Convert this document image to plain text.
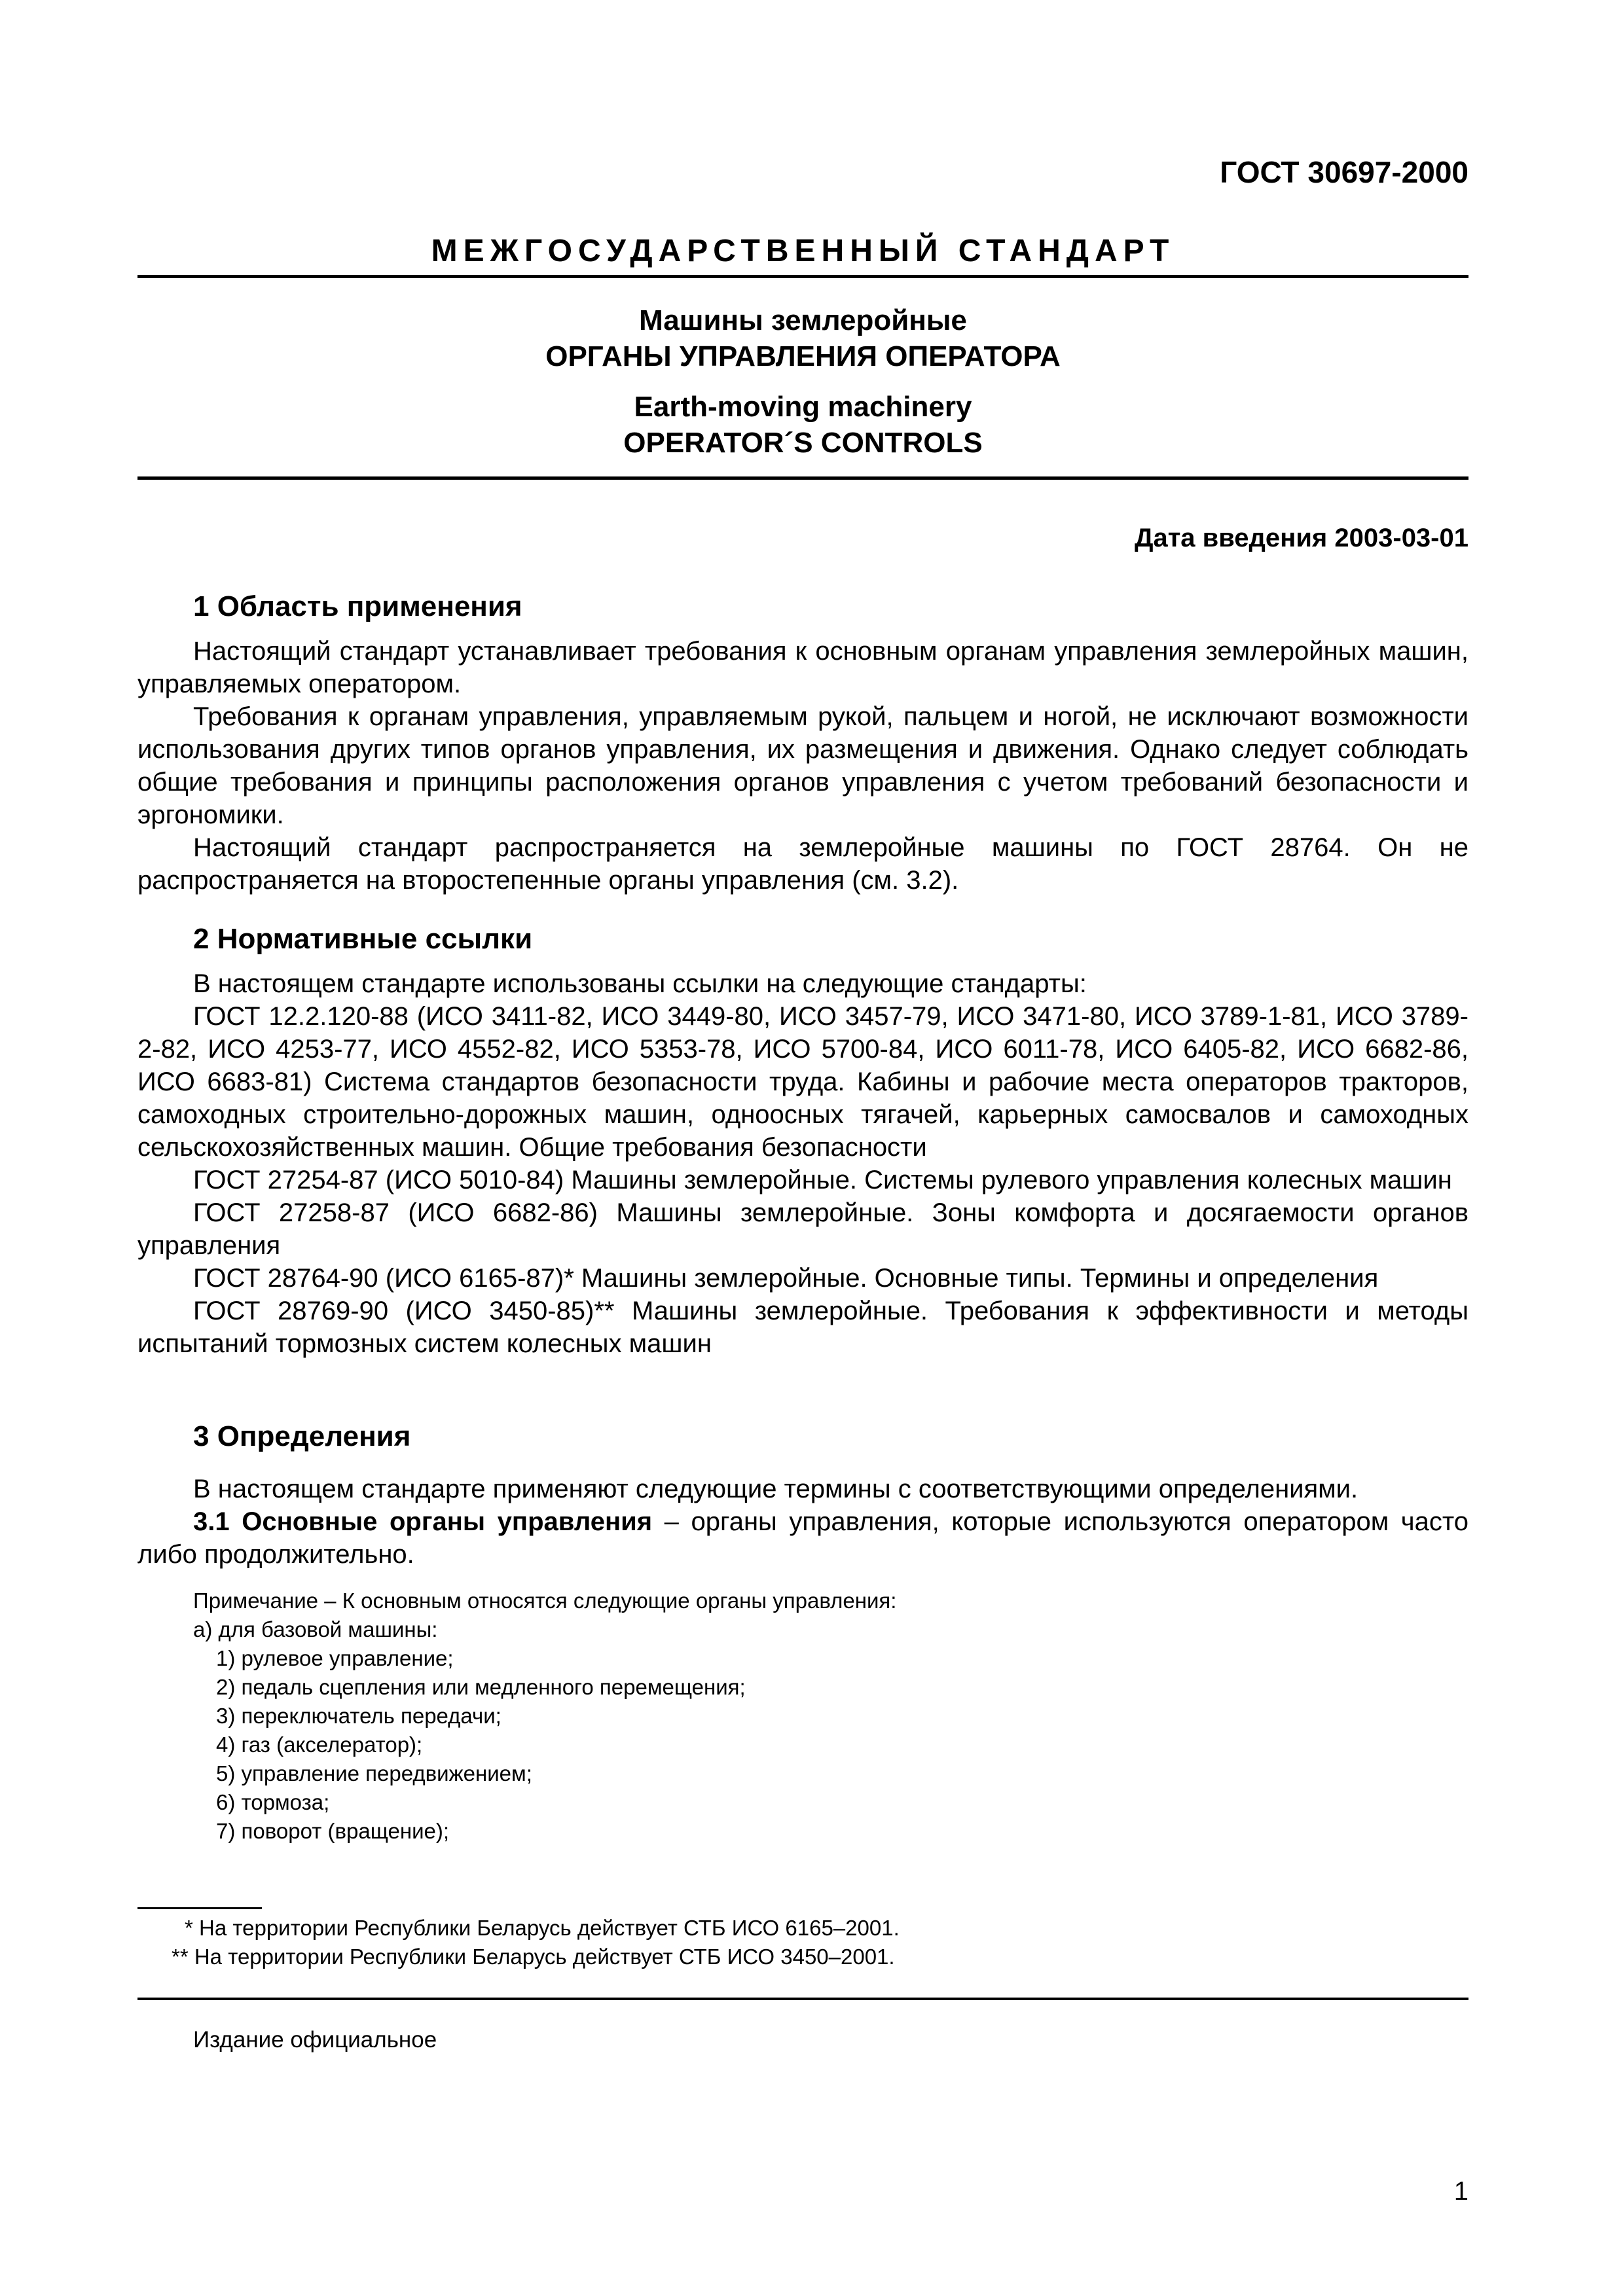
ГОСТ 30697-2000
МЕЖГОСУДАРСТВЕННЫЙ СТАНДАРТ
Машины землеройные
ОРГАНЫ УПРАВЛЕНИЯ ОПЕРАТОРА
Earth-moving machinery
OPERATOR´S CONTROLS
Дата введения 2003-03-01
1 Область применения

Настоящий стандарт устанавливает требования к основным органам управления землеройных машин, управляемых оператором.

Требования к органам управления, управляемым рукой, пальцем и ногой, не исключают возможности использования других типов органов управления, их размещения и движения. Однако следует соблюдать общие требования и принципы расположения органов управления с учетом требований безопасности и эргономики.

Настоящий стандарт распространяется на землеройные машины по ГОСТ 28764. Он не распространяется на второстепенные органы управления (см. 3.2).

2 Нормативные ссылки

В настоящем стандарте использованы ссылки на следующие стандарты:

ГОСТ 12.2.120-88 (ИСО 3411-82, ИСО 3449-80, ИСО 3457-79, ИСО 3471-80, ИСО 3789-1-81, ИСО 3789-2-82, ИСО 4253-77, ИСО 4552-82, ИСО 5353-78, ИСО 5700-84, ИСО 6011-78, ИСО 6405-82, ИСО 6682-86, ИСО 6683-81) Система стандартов безопасности труда. Кабины и рабочие места операторов тракторов, самоходных строительно-дорожных машин, одноосных тягачей, карьерных самосвалов и самоходных сельскохозяйственных машин. Общие требования безопасности

ГОСТ 27254-87 (ИСО 5010-84) Машины землеройные. Системы рулевого управления колесных машин

ГОСТ 27258-87 (ИСО 6682-86) Машины землеройные. Зоны комфорта и досягаемости органов управления

ГОСТ 28764-90 (ИСО 6165-87)* Машины землеройные. Основные типы. Термины и определения

ГОСТ 28769-90 (ИСО 3450-85)** Машины землеройные. Требования к эффективности и методы испытаний тормозных систем колесных машин

3 Определения

В настоящем стандарте применяют следующие термины с соответствующими определениями.

3.1 Основные органы управления – органы управления, которые используются оператором часто либо продолжительно.

Примечание – К основным относятся следующие органы управления:
а) для базовой машины:
1) рулевое управление;
2) педаль сцепления или медленного перемещения;
3) переключатель передачи;
4) газ (акселератор);
5) управление передвижением;
6) тормоза;
7) поворот (вращение);
* На территории Республики Беларусь действует СТБ ИСО 6165–2001.
** На территории Республики Беларусь действует СТБ ИСО 3450–2001.
Издание официальное
1
